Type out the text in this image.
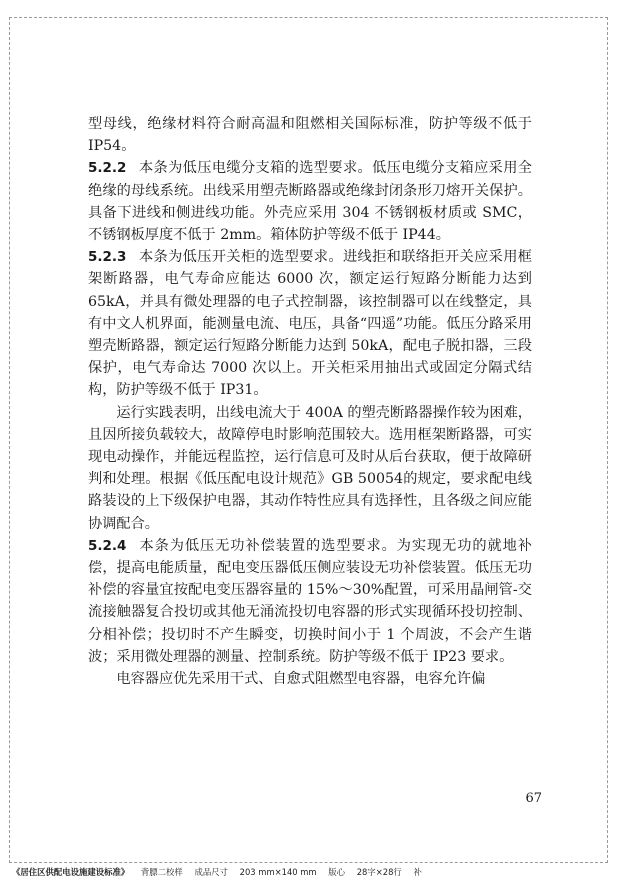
型母线，绝缘材料符合耐高温和阻燃相关国际标准，防护等级不低于 IP54。

5.2.2 本条为低压电缆分支箱的选型要求。低压电缆分支箱应采用全绝缘的母线系统。出线采用塑壳断路器或绝缘封闭条形刀熔开关保护。具备下进线和侧进线功能。外壳应采用 304 不锈钢板材质或 SMC，不锈钢板厚度不低于 2mm。箱体防护等级不低于 IP44。

5.2.3 本条为低压开关柜的选型要求。进线拒和联络拒开关应采用框架断路器，电气寿命应能达 6000 次，额定运行短路分断能力达到 65kA，并具有微处理器的电子式控制器，该控制器可以在线整定，具有中文人机界面，能测量电流、电压，具备“四遥”功能。低压分路采用塑壳断路器，额定运行短路分断能力达到 50kA，配电子脱扣器，三段保护，电气寿命达 7000 次以上。开关柜采用抽出式或固定分隔式结构，防护等级不低于 IP31。

运行实践表明，出线电流大于 400A 的塑壳断路器操作较为困难，且因所接负载较大，故障停电时影响范围较大。选用框架断路器，可实现电动操作，并能远程监控，运行信息可及时从后台获取，便于故障研判和处理。根据《低压配电设计规范》GB 50054的规定，要求配电线路装设的上下级保护电器，其动作特性应具有选择性，且各级之间应能协调配合。

5.2.4 本条为低压无功补偿装置的选型要求。为实现无功的就地补偿，提高电能质量，配电变压器低压侧应装设无功补偿装置。低压无功补偿的容量宜按配电变压器容量的 15%～30%配置，可采用晶闸管-交流接触器复合投切或其他无涌流投切电容器的形式实现循环投切控制、分相补偿；投切时不产生瞬变，切换时间小于 1 个周波，不会产生谐波；采用微处理器的测量、控制系统。防护等级不低于 IP23 要求。

电容器应优先采用干式、自愈式阻燃型电容器，电容允许偏

67
《居住区供配电设施建设标准》 背膘二校样 成品尺寸 203 mm×140 mm 版心 28字×28行 补
